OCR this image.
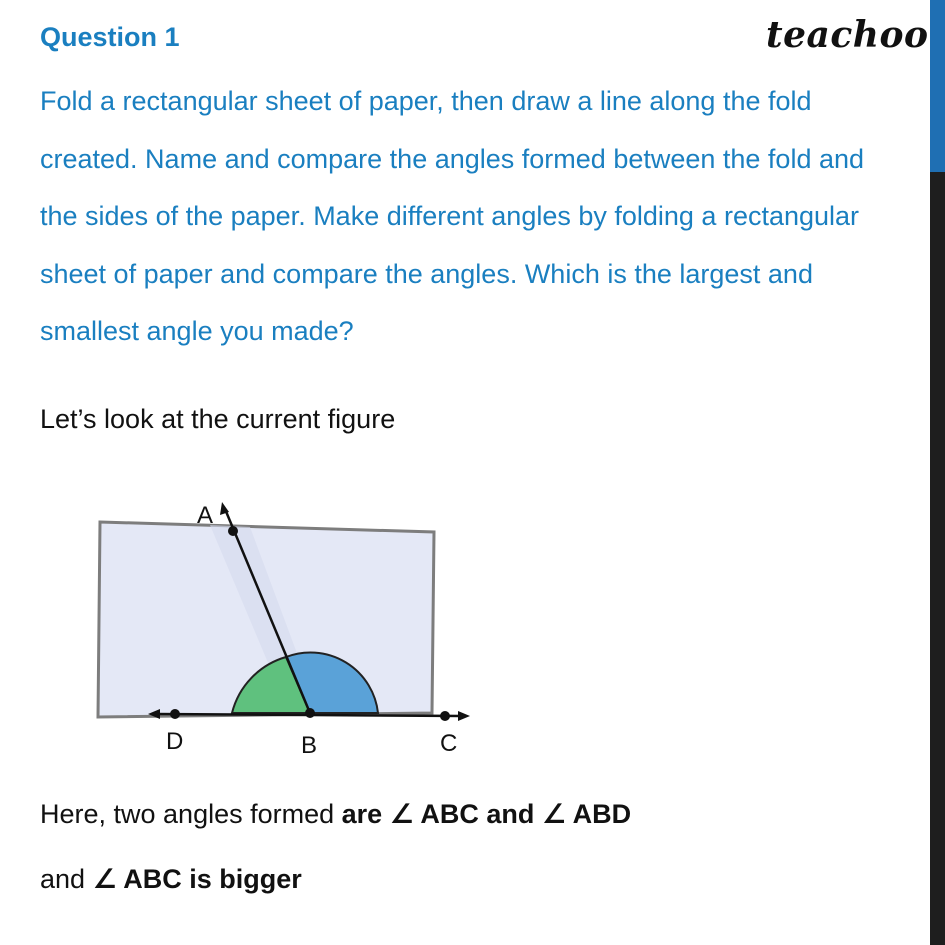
Question 1	teachoo
Fold a rectangular sheet of paper, then draw a line along the fold created. Name and compare the angles formed between the fold and the sides of the paper. Make different angles by folding a rectangular sheet of paper and compare the angles. Which is the largest and smallest angle you made?
Let’s look at the current figure
A
D	B	C
Here, two angles formed are ∠ ABC and ∠ ABD
and ∠ ABC is bigger
